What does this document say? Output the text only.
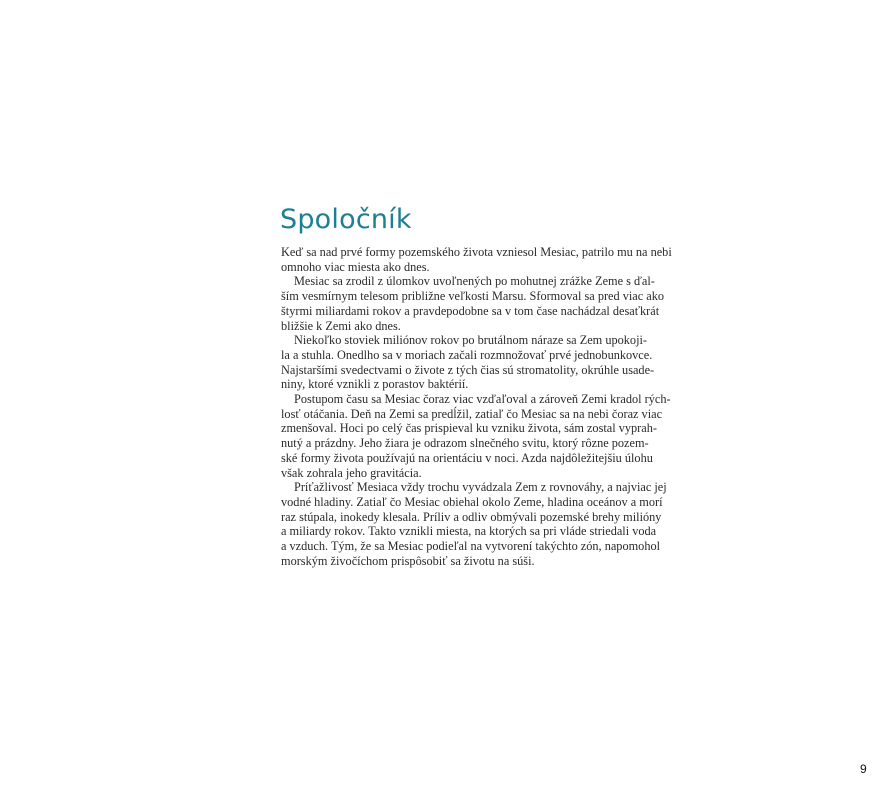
Spoločník
Keď sa nad prvé formy pozemského života vzniesol Mesiac, patrilo mu na nebi
omnoho viac miesta ako dnes.
Mesiac sa zrodil z úlomkov uvoľnených po mohutnej zrážke Zeme s ďal-
ším vesmírnym telesom približne veľkosti Marsu. Sformoval sa pred viac ako
štyrmi miliardami rokov a pravdepodobne sa v tom čase nachádzal desaťkrát
bližšie k Zemi ako dnes.
Niekoľko stoviek miliónov rokov po brutálnom náraze sa Zem upokoji-
la a stuhla. Onedlho sa v moriach začali rozmnožovať prvé jednobunkovce.
Najstaršími svedectvami o živote z tých čias sú stromatolity, okrúhle usade-
niny, ktoré vznikli z porastov baktérií.
Postupom času sa Mesiac čoraz viac vzďaľoval a zároveň Zemi kradol rých-
losť otáčania. Deň na Zemi sa predĺžil, zatiaľ čo Mesiac sa na nebi čoraz viac
zmenšoval. Hoci po celý čas prispieval ku vzniku života, sám zostal vyprah-
nutý a prázdny. Jeho žiara je odrazom slnečného svitu, ktorý rôzne pozem-
ské formy života používajú na orientáciu v noci. Azda najdôležitejšiu úlohu
však zohrala jeho gravitácia.
Príťažlivosť Mesiaca vždy trochu vyvádzala Zem z rovnováhy, a najviac jej
vodné hladiny. Zatiaľ čo Mesiac obiehal okolo Zeme, hladina oceánov a morí
raz stúpala, inokedy klesala. Príliv a odliv obmývali pozemské brehy milióny
a miliardy rokov. Takto vznikli miesta, na ktorých sa pri vláde striedali voda
a vzduch. Tým, že sa Mesiac podieľal na vytvorení takýchto zón, napomohol
morským živočíchom prispôsobiť sa životu na súši.
9
